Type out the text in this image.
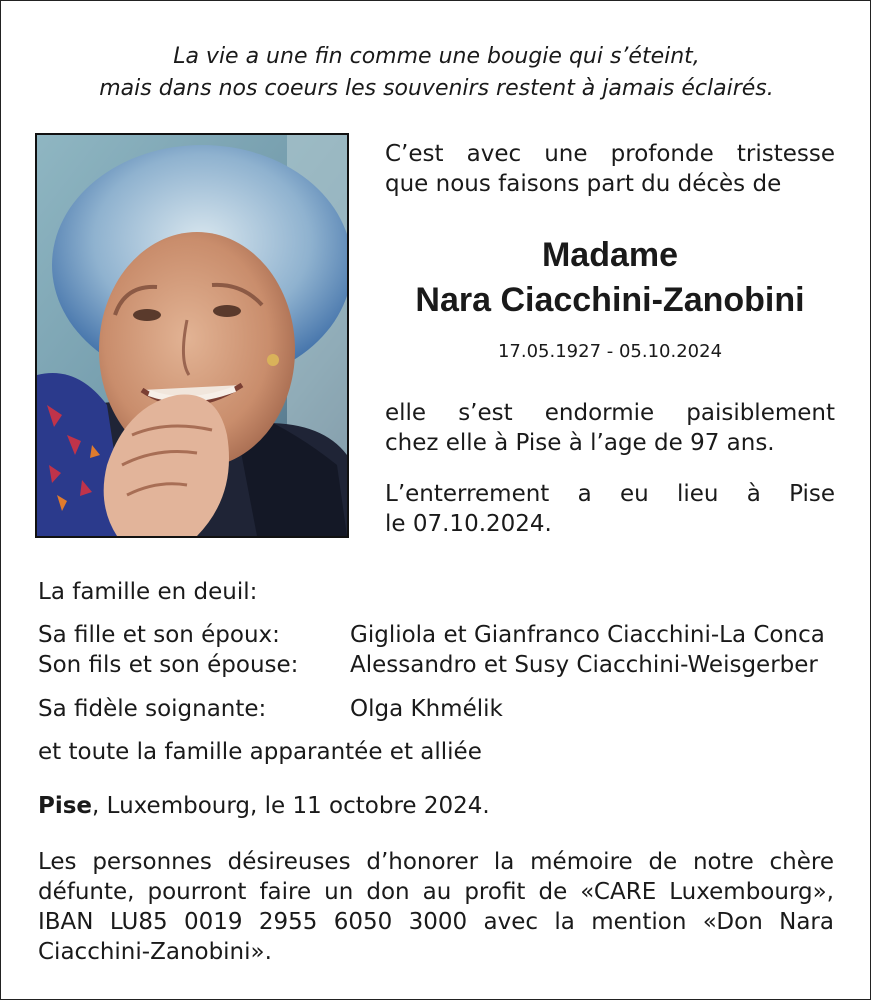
La vie a une fin comme une bougie qui s’éteint,
mais dans nos coeurs les souvenirs restent à jamais éclairés.
C’est avec une profonde tristesse
que nous faisons part du décès de
Madame
Nara Ciacchini-Zanobini
17.05.1927 - 05.10.2024
elle s’est endormie paisiblement
chez elle à Pise à l’age de 97 ans.
L’enterrement a eu lieu à Pise
le 07.10.2024.
La famille en deuil:
Sa fille et son époux:	Gigliola et Gianfranco Ciacchini-La Conca
Son fils et son épouse: Alessandro et Susy Ciacchini-Weisgerber
Sa fidèle soignante:	Olga Khmélik
et toute la famille apparantée et alliée
Pise, Luxembourg, le 11 octobre 2024.
Les personnes désireuses d’honorer la mémoire de notre chère
défunte, pourront faire un don au profit de «CARE Luxembourg»,
IBAN LU85 0019 2955 6050 3000 avec la mention «Don Nara
Ciacchini-Zanobini».
